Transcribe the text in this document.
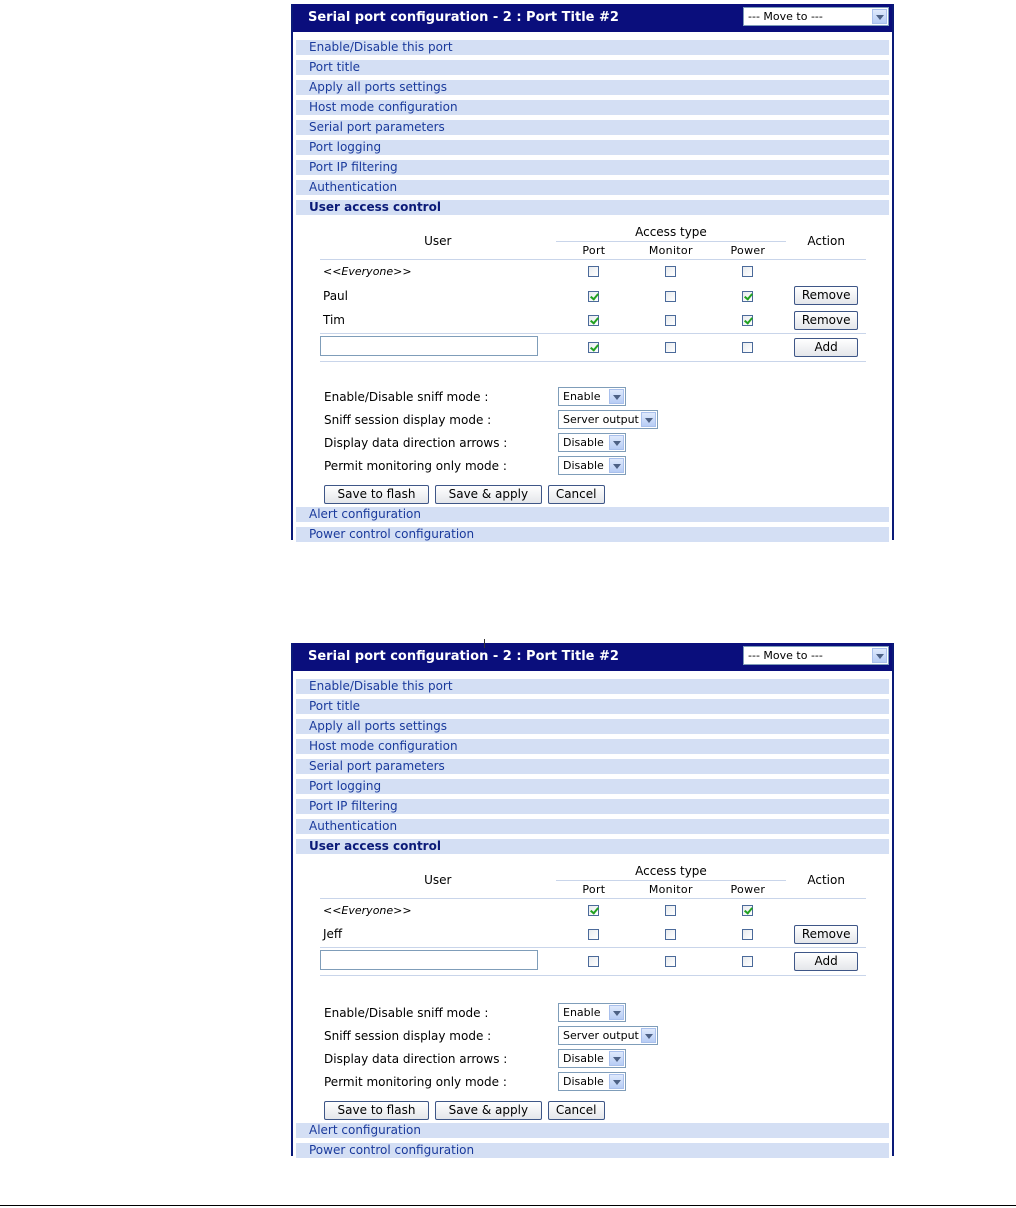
Serial port configuration - 2 : Port Title #2	--- Move to ---
Enable/Disable this port
Port title
Apply all ports settings
Host mode configuration
Serial port parameters
Port logging
Port IP filtering
Authentication
User access control
User	Access type			Action
	Port	Monitor	Power	
<<Everyone>>				
Paul				Remove
Tim				Remove
				Add
Enable/Disable sniff mode :	Enable
Sniff session display mode :	Server output
Display data direction arrows :	Disable
Permit monitoring only mode :	Disable
Save to flash	Save & apply Cancel
Alert configuration
Power control configuration
Serial port configuration - 2 : Port Title #2	--- Move to ---
Enable/Disable this port
Port title
Apply all ports settings
Host mode configuration
Serial port parameters
Port logging
Port IP filtering
Authentication
User access control
User	Access type			Action
	Port	Monitor	Power	
<<Everyone>>				
Jeff				Remove
				Add
Enable/Disable sniff mode :	Enable
Sniff session display mode :	Server output
Display data direction arrows :	Disable
Permit monitoring only mode :	Disable
Save to flash	Save & apply Cancel
Alert configuration
Power control configuration
